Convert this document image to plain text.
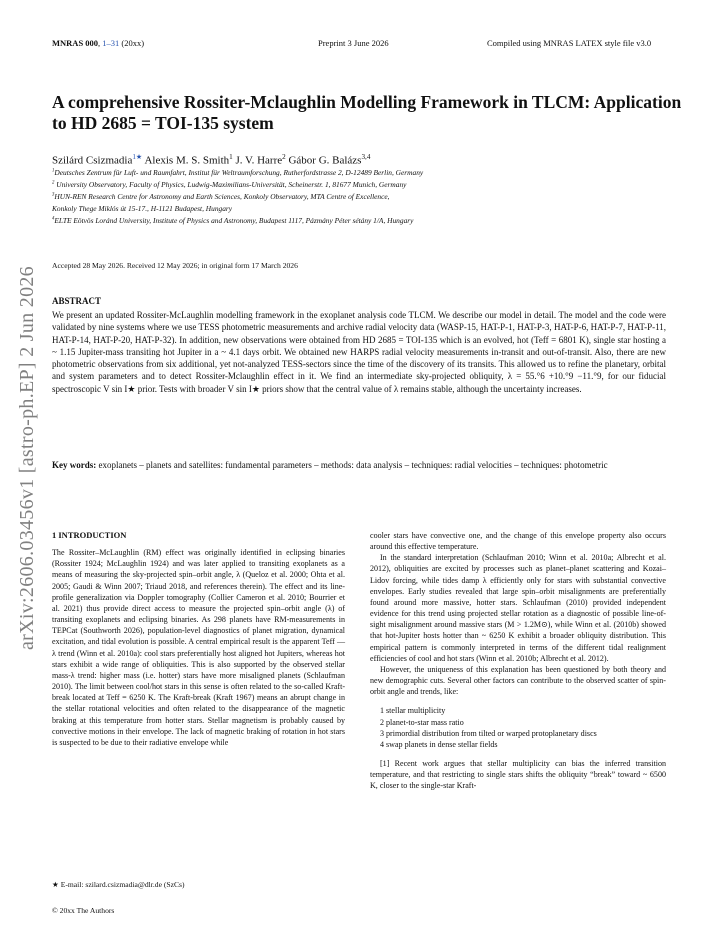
MNRAS 000, 1–31 (20xx)	Preprint 3 June 2026	Compiled using MNRAS LATEX style file v3.0
arXiv:2606.03456v1 [astro-ph.EP] 2 Jun 2026
A comprehensive Rossiter-Mclaughlin Modelling Framework in TLCM: Application to HD 2685 = TOI-135 system
Szilárd Csizmadia$^{1★}$ Alexis M. S. Smith$^1$ J. V. Harre$^2$ Gábor G. Balázs$^{3,4}$
$^1$Deutsches Zentrum für Luft- und Raumfahrt, Institut für Weltraumforschung, Rutherfordstrasse 2, D-12489 Berlin, Germany
$^2$ University Observatory, Faculty of Physics, Ludwig-Maximilians-Universität, Scheinerstr. 1, 81677 Munich, Germany
$^3$HUN-REN Research Centre for Astronomy and Earth Sciences, Konkoly Observatory, MTA Centre of Excellence,
Konkoly Thege Miklós út 15-17., H-1121 Budapest, Hungary
$^4$ELTE Eötvös Loránd University, Institute of Physics and Astronomy, Budapest 1117, Pázmány Péter sétány 1/A, Hungary
Accepted 28 May 2026. Received 12 May 2026; in original form 17 March 2026
ABSTRACT

We present an updated Rossiter-McLaughlin modelling framework in the exoplanet analysis code TLCM. We describe our model in detail. The model and the code were validated by nine systems where we use TESS photometric measurements and archive radial velocity data (WASP-15, HAT-P-1, HAT-P-3, HAT-P-6, HAT-P-7, HAT-P-11, HAT-P-14, HAT-P-20, HAT-P-32). In addition, new observations were obtained from HD 2685 = TOI-135 which is an evolved, hot (Teff = 6801 K), single star hosting a ~ 1.15 Jupiter-mass transiting hot Jupiter in a ~ 4.1 days orbit. We obtained new HARPS radial velocity measurements in-transit and out-of-transit. Also, there are new photometric observations from six additional, yet not-analyzed TESS-sectors since the time of the discovery of its transits. This allowed us to refine the planetary, orbital and system parameters and to detect Rossiter-Mclaughlin effect in it. We find an intermediate sky-projected obliquity, λ = 55.°6 +10.°9 −11.°9, for our fiducial spectroscopic V sin I★ prior. Tests with broader V sin I★ priors show that the central value of λ remains stable, although the uncertainty increases.

Key words: exoplanets – planets and satellites: fundamental parameters – methods: data analysis – techniques: radial velocities – techniques: photometric

1 INTRODUCTION

The Rossiter–McLaughlin (RM) effect was originally identified in eclipsing binaries (Rossiter 1924; McLaughlin 1924) and was later applied to transiting exoplanets as a means of measuring the sky-projected spin–orbit angle, λ (Queloz et al. 2000; Ohta et al. 2005; Gaudi & Winn 2007; Triaud 2018, and references therein). The effect and its line-profile generalization via Doppler tomography (Collier Cameron et al. 2010; Bourrier et al. 2021) thus provide direct access to measure the projected spin–orbit angle (λ) of transiting exoplanets and eclipsing binaries. As 298 planets have RM-measurements in TEPCat (Southworth 2026), population-level diagnostics of planet migration, dynamical excitation, and tidal evolution is possible. A central empirical result is the apparent Teff — λ trend (Winn et al. 2010a): cool stars preferentially host aligned hot Jupiters, whereas hot stars exhibit a wide range of obliquities. This is also supported by the observed stellar mass-λ trend: higher mass (i.e. hotter) stars have more misaligned planets (Schlaufman 2010). The limit between cool/hot stars in this sense is often related to the so-called Kraft-break located at Teff = 6250 K. The Kraft-break (Kraft 1967) means an abrupt change in the stellar rotational velocities and often related to the disappearance of the magnetic braking at this temperature from hotter stars. Stellar magnetism is probably caused by convective motions in their envelope. The lack of magnetic braking of rotation in hot stars is suspected to be due to their radiative envelope while

cooler stars have convective one, and the change of this envelope property also occurs around this effective temperature.

In the standard interpretation (Schlaufman 2010; Winn et al. 2010a; Albrecht et al. 2012), obliquities are excited by processes such as planet–planet scattering and Kozai–Lidov forcing, while tides damp λ efficiently only for stars with substantial convective envelopes. Early studies revealed that large spin–orbit misalignments are preferentially found around more massive, hotter stars. Schlaufman (2010) provided independent evidence for this trend using projected stellar rotation as a diagnostic of possible line-of-sight misalignment around massive stars (M > 1.2M⊙), while Winn et al. (2010b) showed that hot-Jupiter hosts hotter than ~ 6250 K exhibit a broader obliquity distribution. This empirical pattern is commonly interpreted in terms of the different tidal realignment efficiencies of cool and hot stars (Winn et al. 2010b; Albrecht et al. 2012).

However, the uniqueness of this explanation has been questioned by both theory and new demographic cuts. Several other factors can contribute to the observed scatter of spin-orbit angle and trends, like:

1 stellar multiplicity

2 planet-to-star mass ratio

3 primordial distribution from tilted or warped protoplanetary discs

4 swap planets in dense stellar fields

[1] Recent work argues that stellar multiplicity can bias the inferred transition temperature, and that restricting to single stars shifts the obliquity “break” toward ~ 6500 K, closer to the single-star Kraft-

★ E-mail: szilard.csizmadia@dlr.de (SzCs)
© 20xx The Authors
